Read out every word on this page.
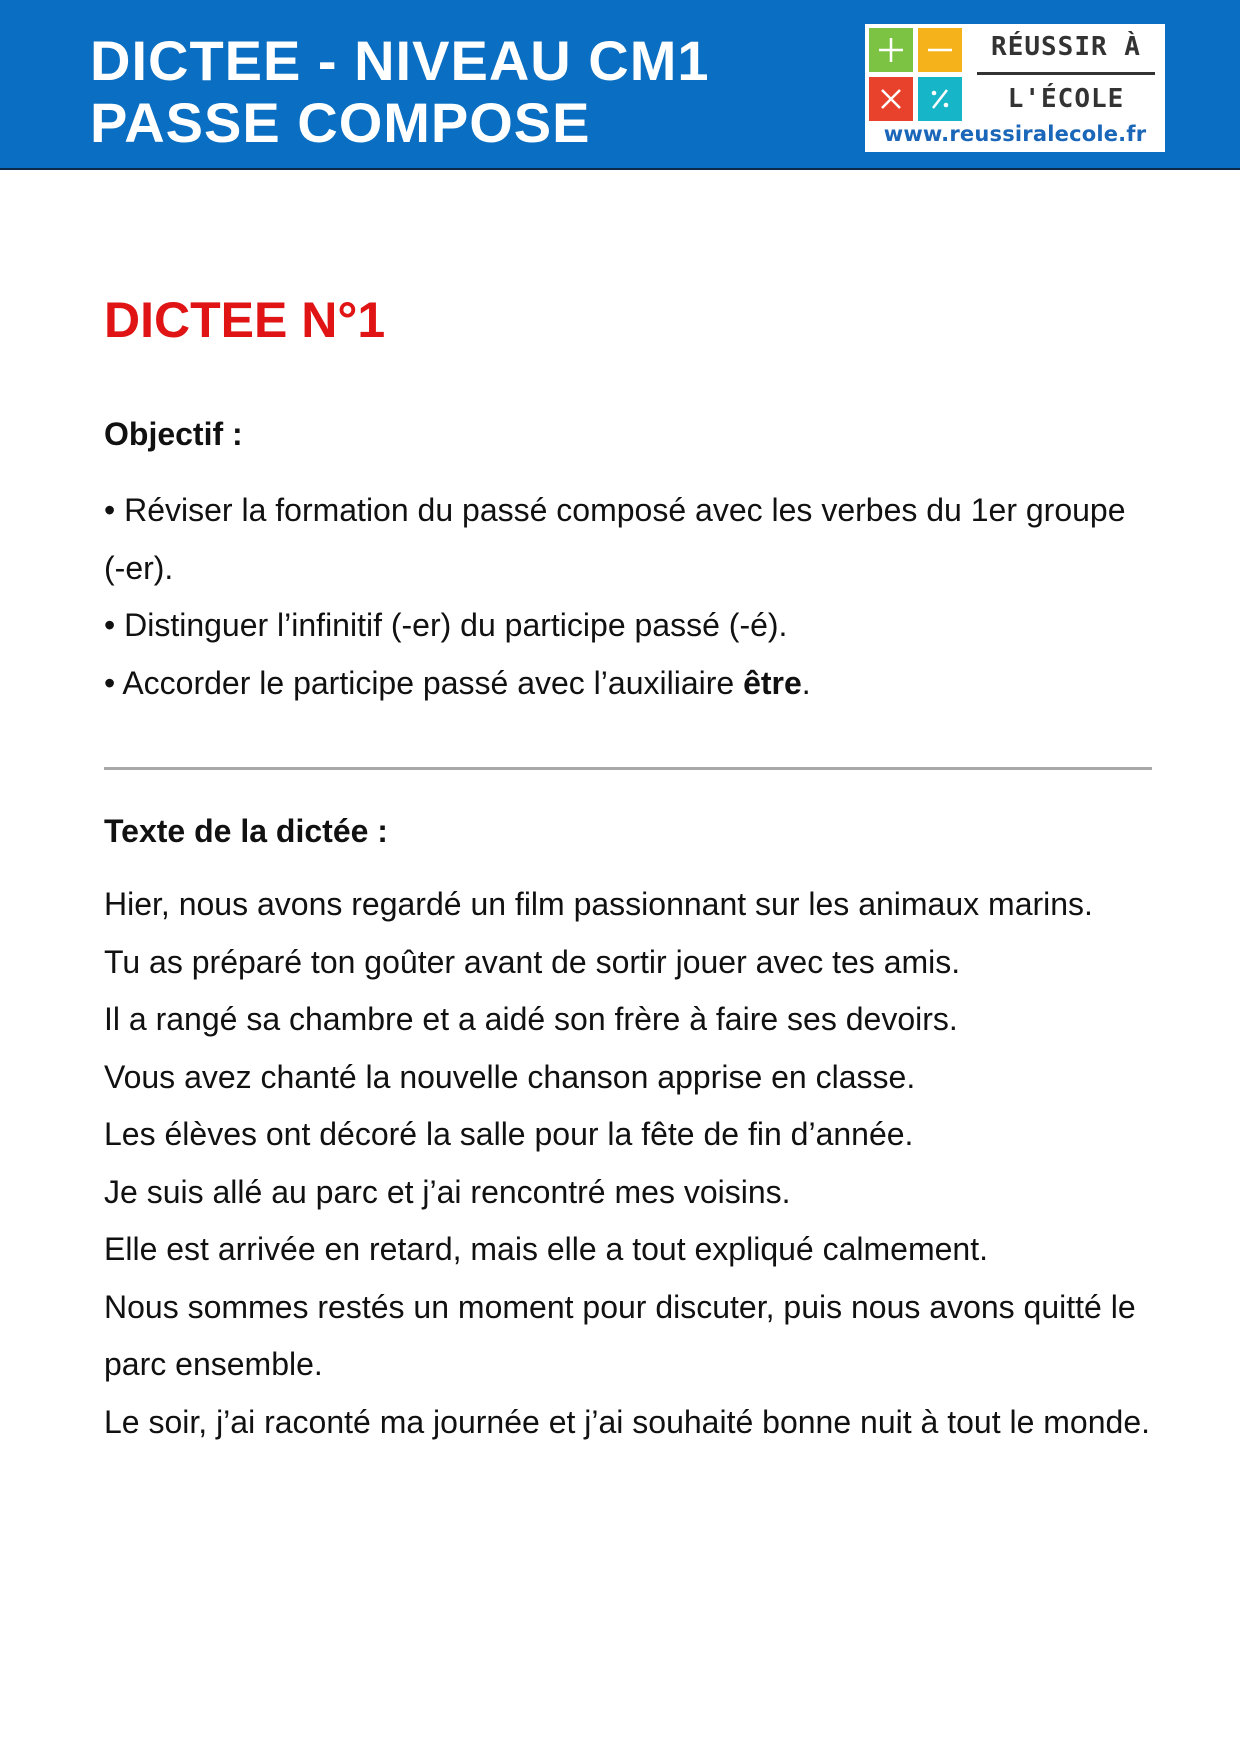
DICTEE - NIVEAU CM1
PASSE COMPOSE
RÉUSSIR À
L'ÉCOLE
www.reussiralecole.fr
DICTEE N°1
Objectif :

• Réviser la formation du passé composé avec les verbes du 1er groupe (-er).

• Distinguer l’infinitif (-er) du participe passé (-é).

• Accorder le participe passé avec l’auxiliaire être.

Texte de la dictée :

Hier, nous avons regardé un film passionnant sur les animaux marins.

Tu as préparé ton goûter avant de sortir jouer avec tes amis.

Il a rangé sa chambre et a aidé son frère à faire ses devoirs.

Vous avez chanté la nouvelle chanson apprise en classe.

Les élèves ont décoré la salle pour la fête de fin d’année.

Je suis allé au parc et j’ai rencontré mes voisins.

Elle est arrivée en retard, mais elle a tout expliqué calmement.

Nous sommes restés un moment pour discuter, puis nous avons quitté le parc ensemble.

Le soir, j’ai raconté ma journée et j’ai souhaité bonne nuit à tout le monde.
